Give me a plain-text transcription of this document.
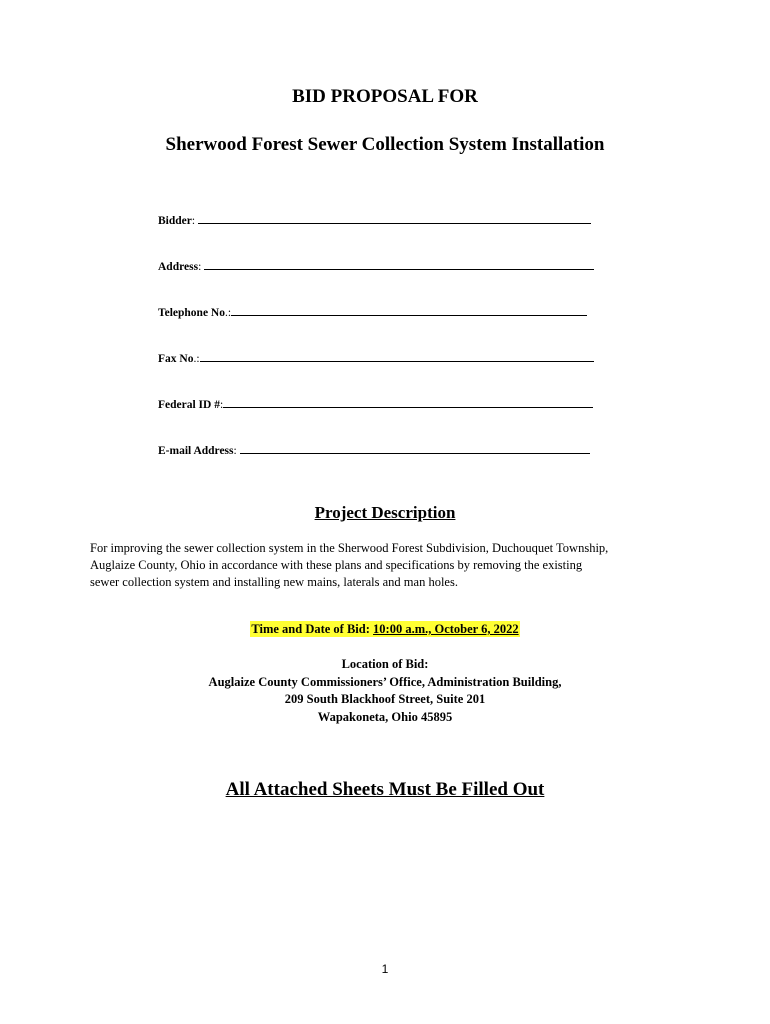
BID PROPOSAL FOR
Sherwood Forest Sewer Collection System Installation
Bidder:
Address:
Telephone No.:
Fax No.:
Federal ID #:
E-mail Address:
Project Description
For improving the sewer collection system in the Sherwood Forest Subdivision, Duchouquet Township,
Auglaize County, Ohio in accordance with these plans and specifications by removing the existing
sewer collection system and installing new mains, laterals and man holes.
Time and Date of Bid: 10:00 a.m., October 6, 2022
Location of Bid:
Auglaize County Commissioners’ Office, Administration Building,
209 South Blackhoof Street, Suite 201
Wapakoneta, Ohio 45895
All Attached Sheets Must Be Filled Out
1
